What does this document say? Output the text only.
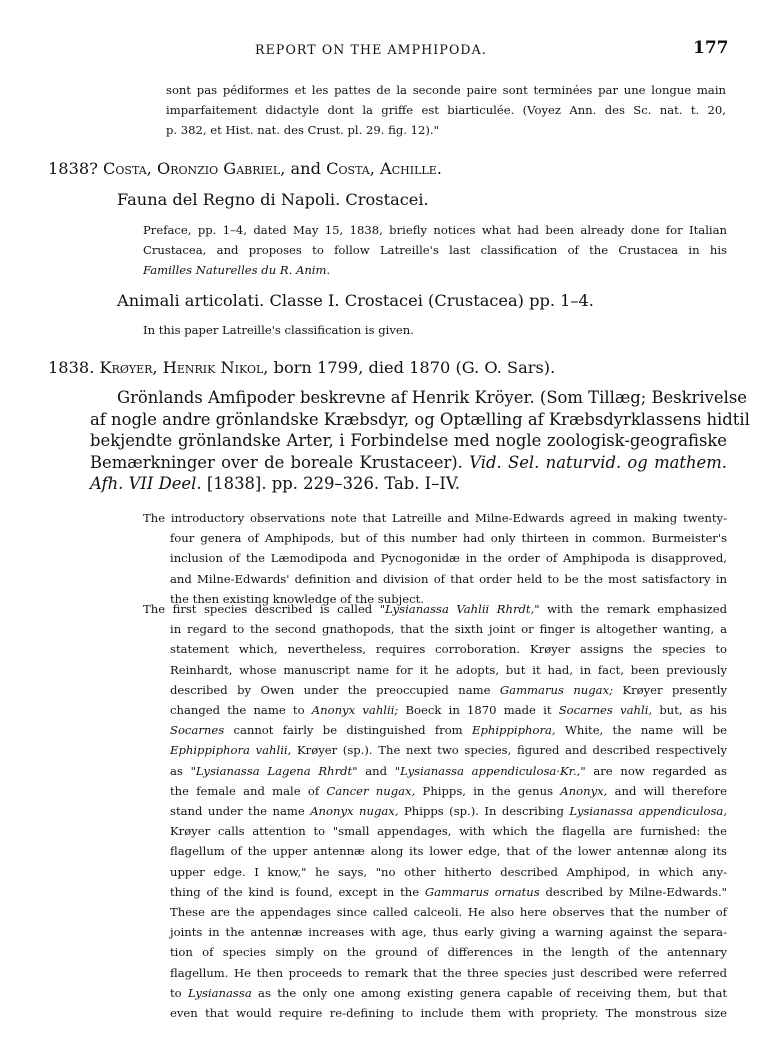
REPORT ON THE AMPHIPODA.	177
sont pas pédiformes et les pattes de la seconde paire sont terminées par une longue main
imparfaitement didactyle dont la griffe est biarticulée. (Voyez Ann. des Sc. nat. t. 20,
p. 382, et Hist. nat. des Crust. pl. 29. fig. 12)."
1838? Costa, Oronzio Gabriel, and Costa, Achille.
Fauna del Regno di Napoli. Crostacei.
Preface, pp. 1–4, dated May 15, 1838, briefly notices what had been already done for Italian
Crustacea, and proposes to follow Latreille's last classification of the Crustacea in his
Familles Naturelles du R. Anim.
Animali articolati. Classe I. Crostacei (Crustacea) pp. 1–4.
In this paper Latreille's classification is given.
1838. Krøyer, Henrik Nikol, born 1799, died 1870 (G. O. Sars).
Grönlands Amfipoder beskrevne af Henrik Kröyer. (Som Tillæg; Beskrivelse
af nogle andre grönlandske Kræbsdyr, og Optælling af Kræbsdyrklassens hidtil
bekjendte grönlandske Arter, i Forbindelse med nogle zoologisk-geografiske
Bemærkninger over de boreale Krustaceer). Vid. Sel. naturvid. og mathem.
Afh. VII Deel. [1838]. pp. 229–326. Tab. I–IV.
The introductory observations note that Latreille and Milne-Edwards agreed in making twenty-
four genera of Amphipods, but of this number had only thirteen in common. Burmeister's
inclusion of the Læmodipoda and Pycnogonidæ in the order of Amphipoda is disapproved,
and Milne-Edwards' definition and division of that order held to be the most satisfactory in
the then existing knowledge of the subject.
The first species described is called "Lysianassa Vahlii Rhrdt," with the remark emphasized
in regard to the second gnathopods, that the sixth joint or finger is altogether wanting, a
statement which, nevertheless, requires corroboration. Krøyer assigns the species to
Reinhardt, whose manuscript name for it he adopts, but it had, in fact, been previously
described by Owen under the preoccupied name Gammarus nugax; Krøyer presently
changed the name to Anonyx vahlii; Boeck in 1870 made it Socarnes vahli, but, as his
Socarnes cannot fairly be distinguished from Ephippiphora, White, the name will be
Ephippiphora vahlii, Krøyer (sp.). The next two species, figured and described respectively
as "Lysianassa Lagena Rhrdt" and "Lysianassa appendiculosa·Kr.," are now regarded as
the female and male of Cancer nugax, Phipps, in the genus Anonyx, and will therefore
stand under the name Anonyx nugax, Phipps (sp.). In describing Lysianassa appendiculosa,
Krøyer calls attention to "small appendages, with which the flagella are furnished: the
flagellum of the upper antennæ along its lower edge, that of the lower antennæ along its
upper edge. I know," he says, "no other hitherto described Amphipod, in which any-
thing of the kind is found, except in the Gammarus ornatus described by Milne-Edwards."
These are the appendages since called calceoli. He also here observes that the number of
joints in the antennæ increases with age, thus early giving a warning against the separa-
tion of species simply on the ground of differences in the length of the antennary
flagellum. He then proceeds to remark that the three species just described were referred
to Lysianassa as the only one among existing genera capable of receiving them, but that
even that would require re-defining to include them with propriety. The monstrous size
